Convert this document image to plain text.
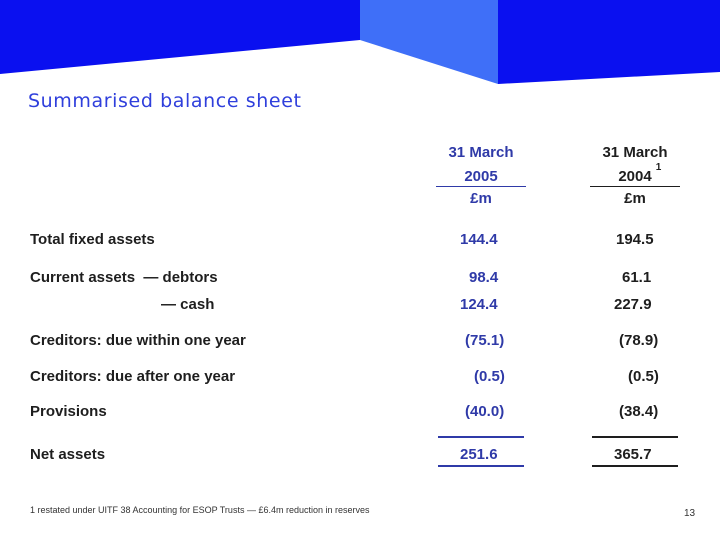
Summarised balance sheet
31 March
2005
£m
31 March
2004
1
£m
Total fixed assets	144.4	194.5
Current assets  — debtors	98.4	61.1
— cash	124.4	227.9
Creditors: due within one year	(75.1)	(78.9)
Creditors: due after one year	(0.5)	(0.5)
Provisions	(40.0)	(38.4)
Net assets	251.6	365.7
1 restated under UITF 38 Accounting for ESOP Trusts — £6.4m reduction in reserves	13
